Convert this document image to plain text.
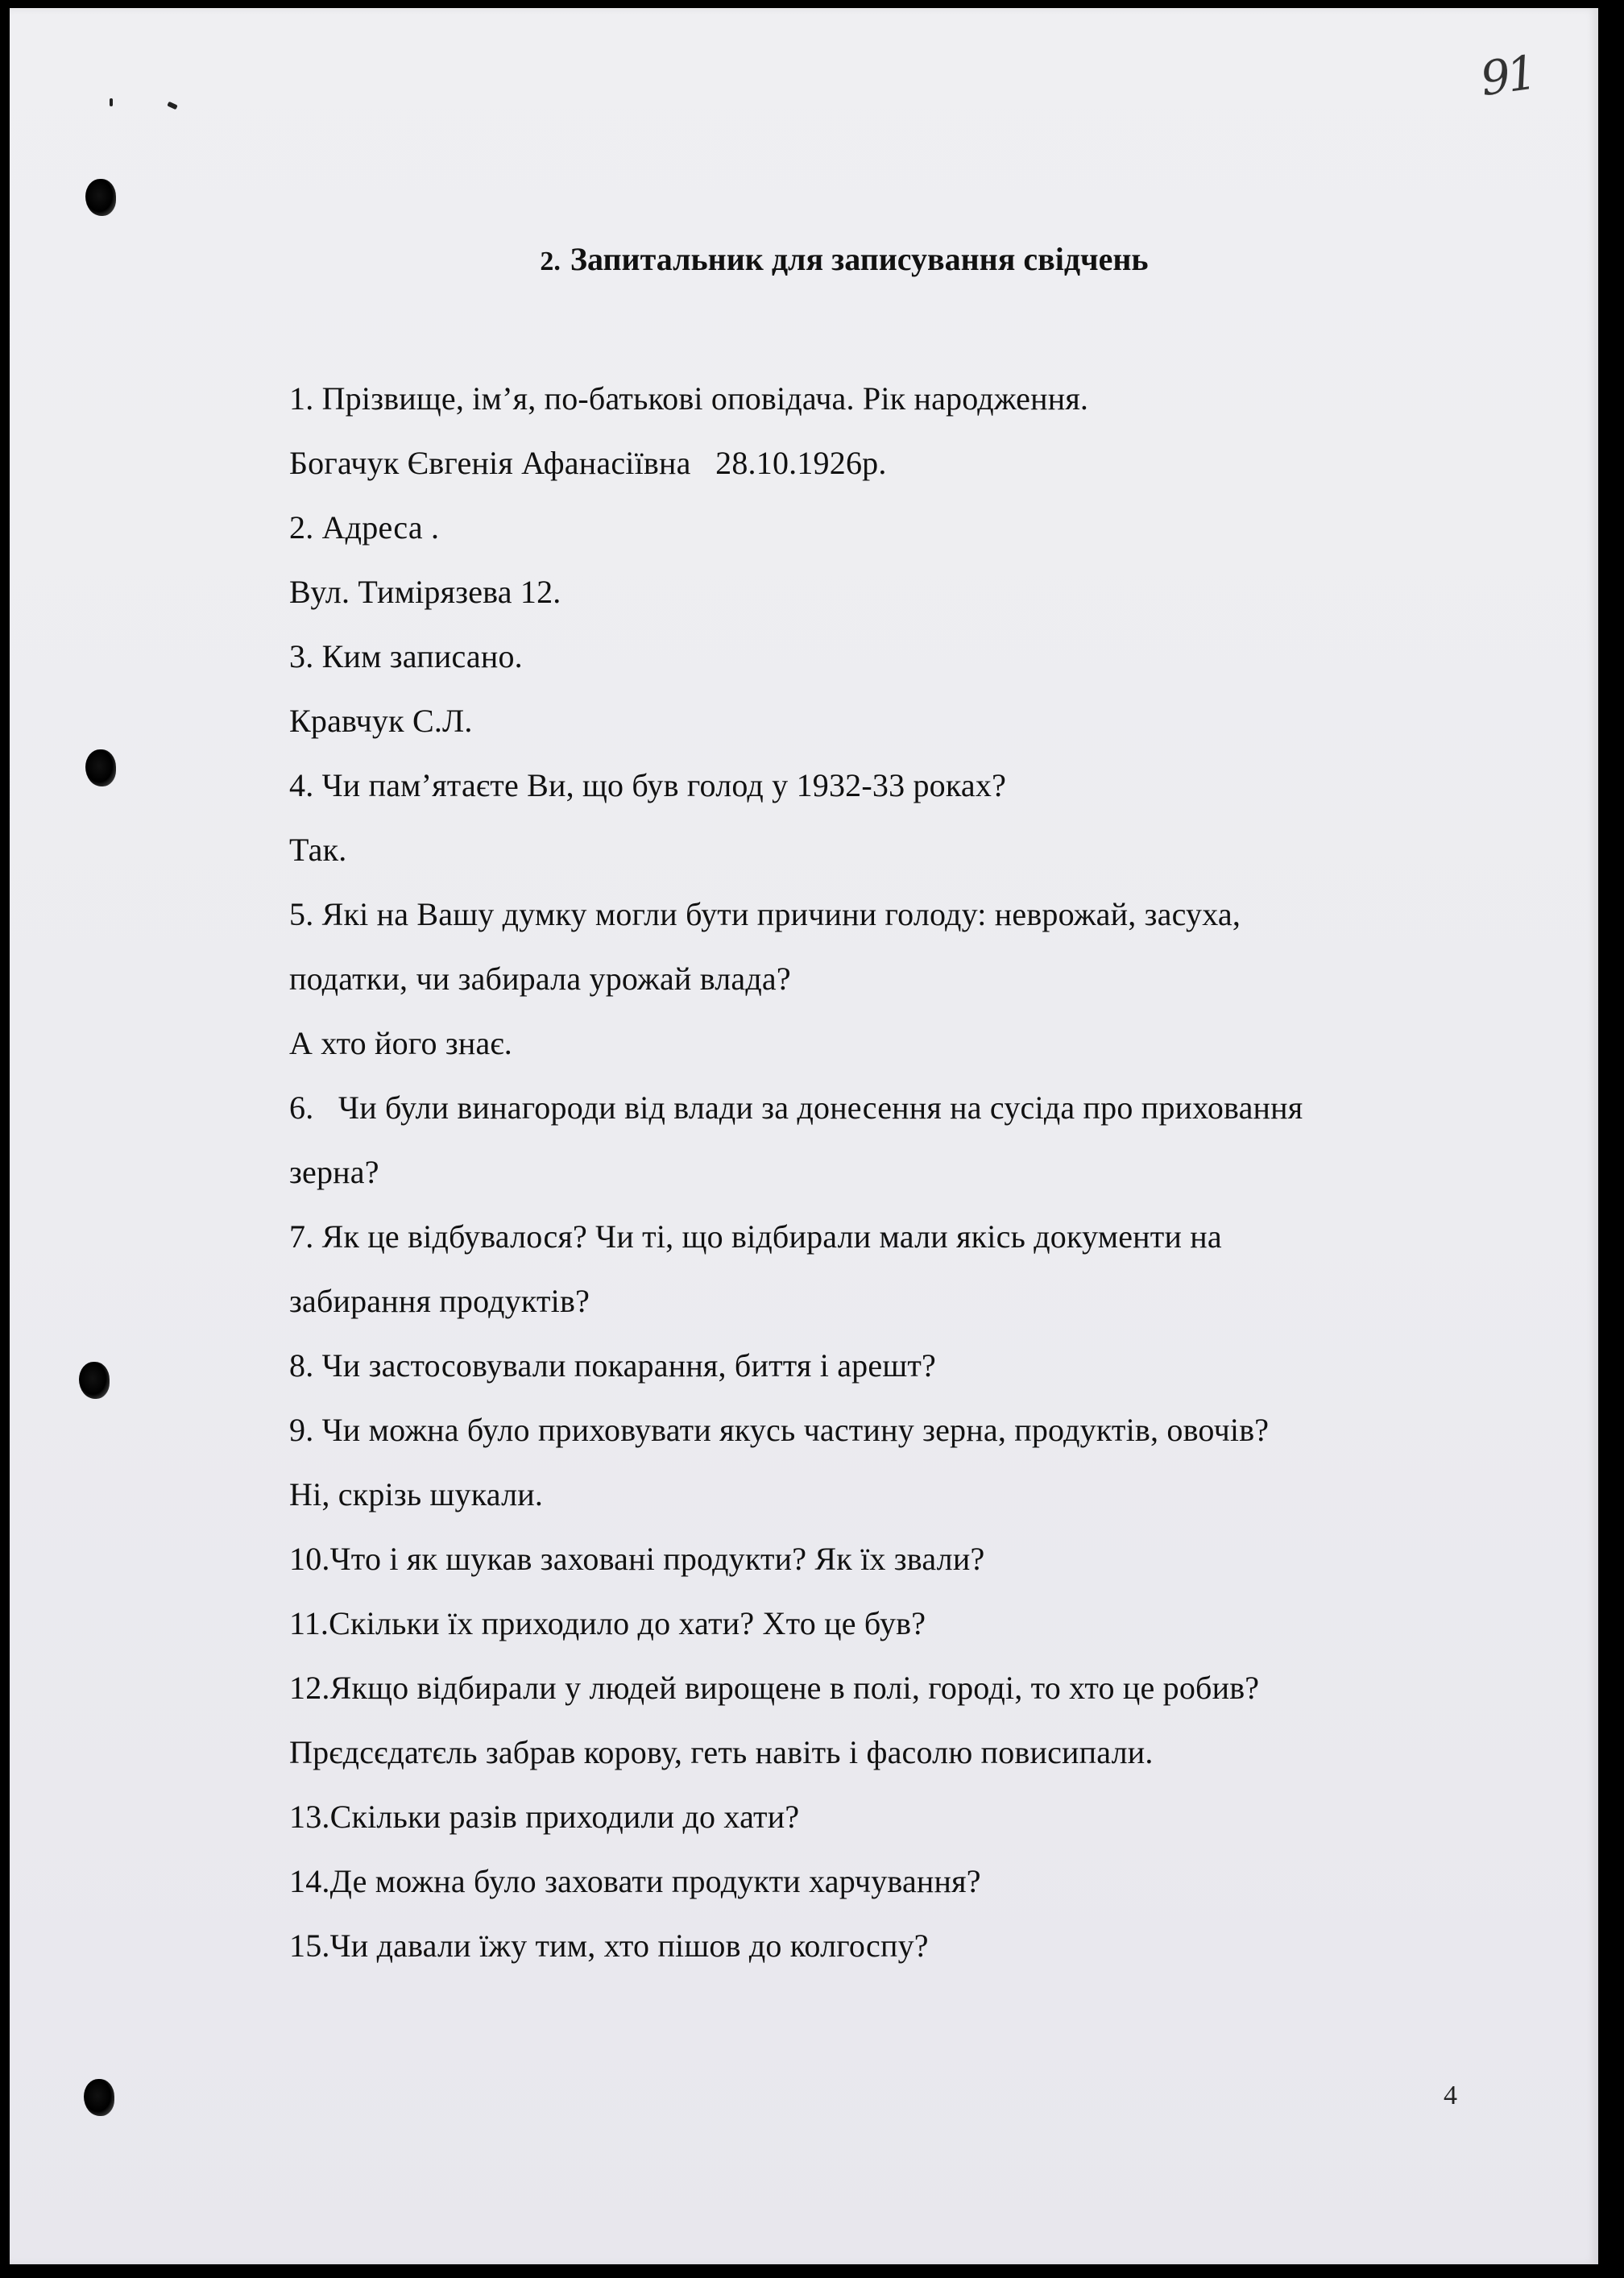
91
2. Запитальник для записування свідчень
1. Прізвище, ім’я, по-батькові оповідача. Рік народження.
Богачук Євгенія Афанасіївна   28.10.1926р.
2. Адреса .
Вул. Тимірязева 12.
3. Ким записано.
Кравчук С.Л.
4. Чи пам’ятаєте Ви, що був голод у 1932-33 роках?
Так.
5. Які на Вашу думку могли бути причини голоду: неврожай, засуха,
податки, чи забирала урожай влада?
А хто його знає.
6.   Чи були винагороди від влади за донесення на сусіда про приховання
зерна?
7. Як це відбувалося? Чи ті, що відбирали мали якісь документи на
забирання продуктів?
8. Чи застосовували покарання, биття і арешт?
9. Чи можна було приховувати якусь частину зерна, продуктів, овочів?
Ні, скрізь шукали.
10.Что і як шукав заховані продукти? Як їх звали?
11.Скільки їх приходило до хати? Хто це був?
12.Якщо відбирали у людей вирощене в полі, городі, то хто це робив?
Прєдсєдатєль забрав корову, геть навіть і фасолю повисипали.
13.Скільки разів приходили до хати?
14.Де можна було заховати продукти харчування?
15.Чи давали їжу тим, хто пішов до колгоспу?
4
